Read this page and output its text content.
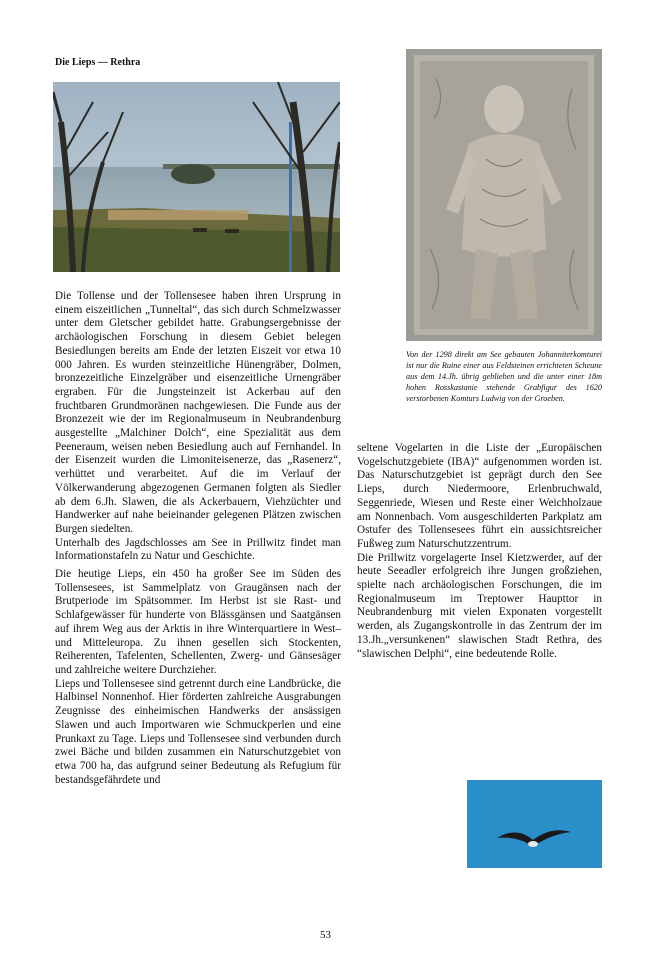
Die Lieps — Rethra
Von der 1298 direkt am See gebauten Johanniterkomturei ist nur die Ruine einer aus Feldsteinen errichteten Scheune aus dem 14.Jh. übrig geblieben und die unter einer 18m hohen Rosskastanie stehende Grabfigur des 1620 verstorbenen Komturs Ludwig von der Groeben.

Die Tollense und der Tollensesee haben ihren Ursprung in einem eiszeitlichen „Tunneltal“, das sich durch Schmelzwasser unter dem Gletscher gebildet hatte. Grabungsergebnisse der archäologischen Forschung in diesem Gebiet belegen Besiedlungen bereits am Ende der letzten Eiszeit vor etwa 10 000 Jahren. Es wurden steinzeitliche Hünengräber, Dolmen, bronzezeitliche Einzelgräber und eisenzeitliche Urnengräber ergraben. Für die Jungsteinzeit ist Ackerbau auf den fruchtbaren Grundmoränen nachgewiesen. Die Funde aus der Bronzezeit wie der im Regionalmuseum in Neubrandenburg ausgestellte „Malchiner Dolch“, eine Spezialität aus dem Peeneraum, weisen neben Besiedlung auch auf Fernhandel. In der Eisenzeit wurden die Limoniteisenerze, das „Rasenerz“, verhüttet und verarbeitet. Auf die im Verlauf der Völkerwanderung abgezogenen Germanen folgten als Siedler ab dem 6.Jh. Slawen, die als Ackerbauern, Viehzüchter und Handwerker auf nahe beieinander gelegenen Plätzen zwischen Burgen siedelten.

Unterhalb des Jagdschlosses am See in Prillwitz findet man Informationstafeln zu Natur und Geschichte.

Die heutige Lieps, ein 450 ha großer See im Süden des Tollensesees, ist Sammelplatz von Graugänsen nach der Brutperiode im Spätsommer. Im Herbst ist sie Rast- und Schlafgewässer für hunderte von Blässgänsen und Saatgänsen auf ihrem Weg aus der Arktis in ihre Winterquartiere in West– und Mitteleuropa. Zu ihnen gesellen sich Stockenten, Reiherenten, Tafelenten, Schellenten, Zwerg- und Gänsesäger und zahlreiche weitere Durchzieher.

Lieps und Tollensesee sind getrennt durch eine Landbrücke, die Halbinsel Nonnenhof. Hier förderten zahlreiche Ausgrabungen Zeugnisse des einheimischen Handwerks der ansässigen Slawen und auch Importwaren wie Schmuckperlen und eine Prunkaxt zu Tage. Lieps und Tollensesee sind verbunden durch zwei Bäche und bilden zusammen ein Naturschutzgebiet von etwa 700 ha, das aufgrund seiner Bedeutung als Refugium für bestandsgefährdete und

seltene Vogelarten in die Liste der „Europäischen Vogelschutzgebiete (IBA)“ aufgenommen worden ist. Das Naturschutzgebiet ist geprägt durch den See Lieps, durch Niedermoore, Erlenbruchwald, Seggenriede, Wiesen und Reste einer Weichholzaue am Nonnenbach. Vom ausgeschilderten Parkplatz am Ostufer des Tollensesees führt ein aussichtsreicher Fußweg zum Naturschutzzentrum.

Die Prillwitz vorgelagerte Insel Kietzwerder, auf der heute Seeadler erfolgreich ihre Jungen großziehen, spielte nach archäologischen Forschungen, die im Regionalmuseum im Treptower Haupttor in Neubrandenburg mit vielen Exponaten vorgestellt werden, als Zugangskontrolle in das Zentrum der im 13.Jh.„versunkenen“ slawischen Stadt Rethra, des “slawischen Delphi“, eine bedeutende Rolle.

53
